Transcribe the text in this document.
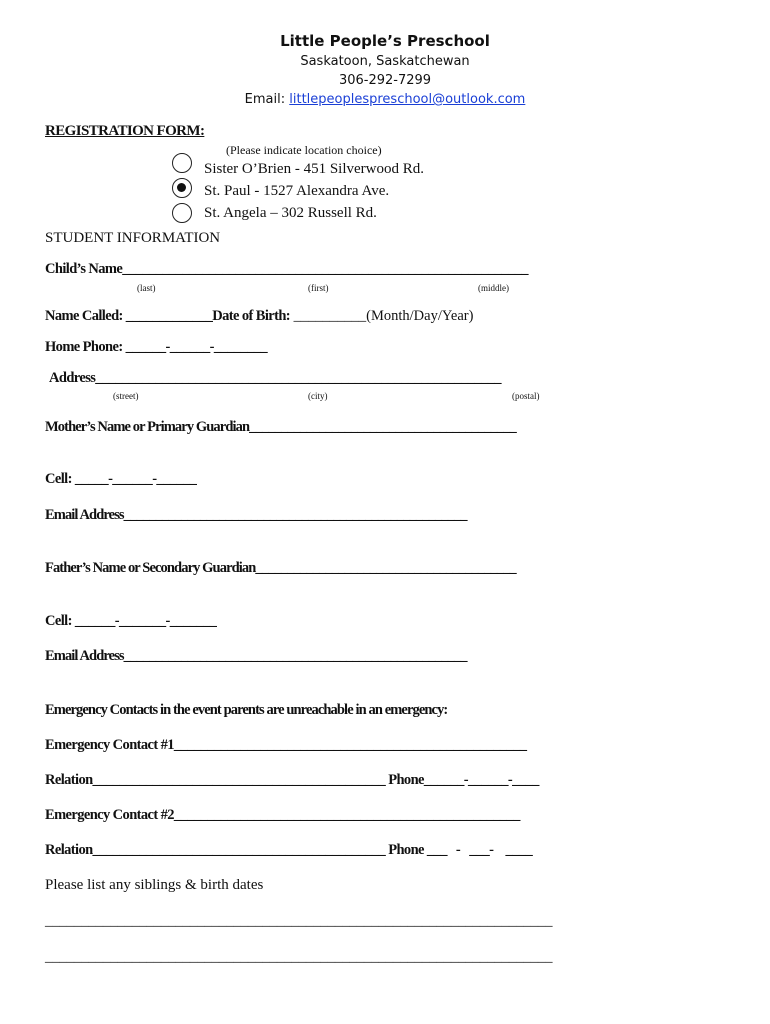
Little People’s Preschool
Saskatoon, Saskatchewan
306-292-7299
Email: littlepeoplespreschool@outlook.com
REGISTRATION FORM:
(Please indicate location choice)
Sister O’Brien - 451 Silverwood Rd.
St. Paul - 1527 Alexandra Ave.
St. Angela – 302 Russell Rd.
STUDENT INFORMATION
Child’s Name_____________________________________________________________
(last)	(first)	(middle)
Name Called: _____________Date of Birth: __________(Month/Day/Year)
Home Phone: ______-______-________
Address_____________________________________________________________
(street)	(city)	(postal)
Mother’s Name or Primary Guardian__________________________________________
Cell: _____-______-______
Email Address______________________________________________________
Father’s Name or Secondary Guardian_________________________________________
Cell: ______-_______-_______
Email Address______________________________________________________
Emergency Contacts in the event parents are unreachable in an emergency:
Emergency Contact #1_____________________________________________________
Relation____________________________________________ Phone______-______-____
Emergency Contact #2____________________________________________________
Relation____________________________________________ Phone ___   -   ___-    ____
Please list any siblings & birth dates
______________________________________________________________________
______________________________________________________________________
